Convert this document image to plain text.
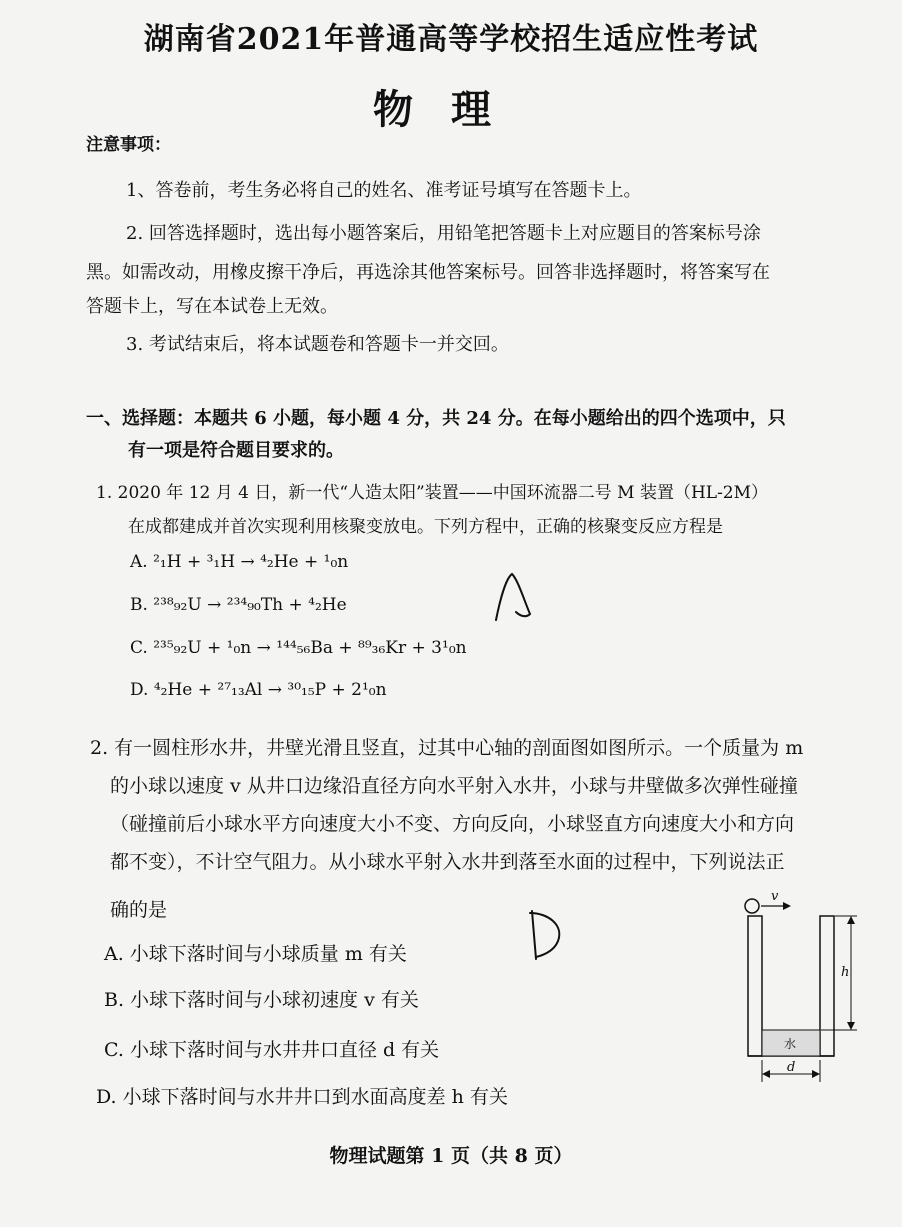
湖南省2021年普通高等学校招生适应性考试
物理
注意事项：
1、答卷前，考生务必将自己的姓名、准考证号填写在答题卡上。
2. 回答选择题时，选出每小题答案后，用铅笔把答题卡上对应题目的答案标号涂
黑。如需改动，用橡皮擦干净后，再选涂其他答案标号。回答非选择题时，将答案写在
答题卡上，写在本试卷上无效。
3. 考试结束后，将本试题卷和答题卡一并交回。
一、选择题：本题共 6 小题，每小题 4 分，共 24 分。在每小题给出的四个选项中，只
有一项是符合题目要求的。
1. 2020 年 12 月 4 日，新一代“人造太阳”装置——中国环流器二号 M 装置（HL-2M）
在成都建成并首次实现利用核聚变放电。下列方程中，正确的核聚变反应方程是
A. ²₁H + ³₁H → ⁴₂He + ¹₀n
B. ²³⁸₉₂U → ²³⁴₉₀Th + ⁴₂He
C. ²³⁵₉₂U + ¹₀n → ¹⁴⁴₅₆Ba + ⁸⁹₃₆Kr + 3¹₀n
D. ⁴₂He + ²⁷₁₃Al → ³⁰₁₅P + 2¹₀n
2. 有一圆柱形水井，井壁光滑且竖直，过其中心轴的剖面图如图所示。一个质量为 m
的小球以速度 v 从井口边缘沿直径方向水平射入水井，小球与井壁做多次弹性碰撞
（碰撞前后小球水平方向速度大小不变、方向反向，小球竖直方向速度大小和方向
都不变），不计空气阻力。从小球水平射入水井到落至水面的过程中，下列说法正
确的是
A. 小球下落时间与小球质量 m 有关
B. 小球下落时间与小球初速度 v 有关
C. 小球下落时间与水井井口直径 d 有关
D. 小球下落时间与水井井口到水面高度差 h 有关
v
水
h
d
物理试题第 1 页（共 8 页）
